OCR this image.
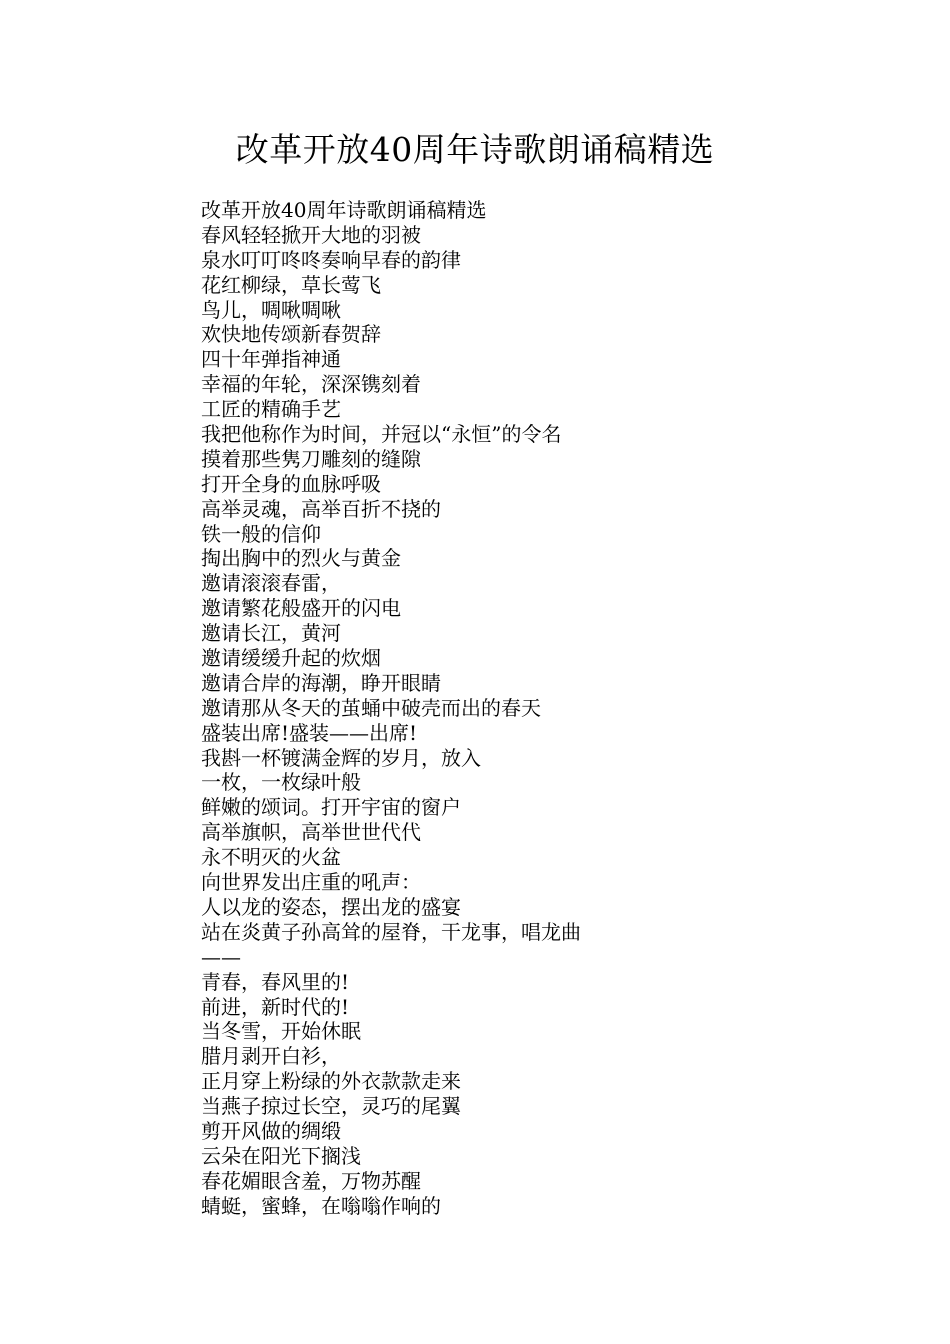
改革开放40周年诗歌朗诵稿精选
改革开放40周年诗歌朗诵稿精选
春风轻轻掀开大地的羽被
泉水叮叮咚咚奏响早春的韵律
花红柳绿，草长莺飞
鸟儿，啁啾啁啾
欢快地传颂新春贺辞
四十年弹指神通
幸福的年轮，深深镌刻着
工匠的精确手艺
我把他称作为时间，并冠以“永恒”的令名
摸着那些隽刀雕刻的缝隙
打开全身的血脉呼吸
高举灵魂，高举百折不挠的
铁一般的信仰
掏出胸中的烈火与黄金
邀请滚滚春雷，
邀请繁花般盛开的闪电
邀请长江，黄河
邀请缓缓升起的炊烟
邀请合岸的海潮，睁开眼睛
邀请那从冬天的茧蛹中破壳而出的春天
盛装出席!盛装——出席!
我斟一杯镀满金辉的岁月，放入
一枚，一枚绿叶般
鲜嫩的颂词。打开宇宙的窗户
高举旗帜，高举世世代代
永不明灭的火盆
向世界发出庄重的吼声：
人以龙的姿态，摆出龙的盛宴
站在炎黄子孙高耸的屋脊，干龙事，唱龙曲
——
青春，春风里的!
前进，新时代的!
当冬雪，开始休眠
腊月剥开白衫，
正月穿上粉绿的外衣款款走来
当燕子掠过长空，灵巧的尾翼
剪开风做的绸缎
云朵在阳光下搁浅
春花媚眼含羞，万物苏醒
蜻蜓，蜜蜂，在嗡嗡作响的
